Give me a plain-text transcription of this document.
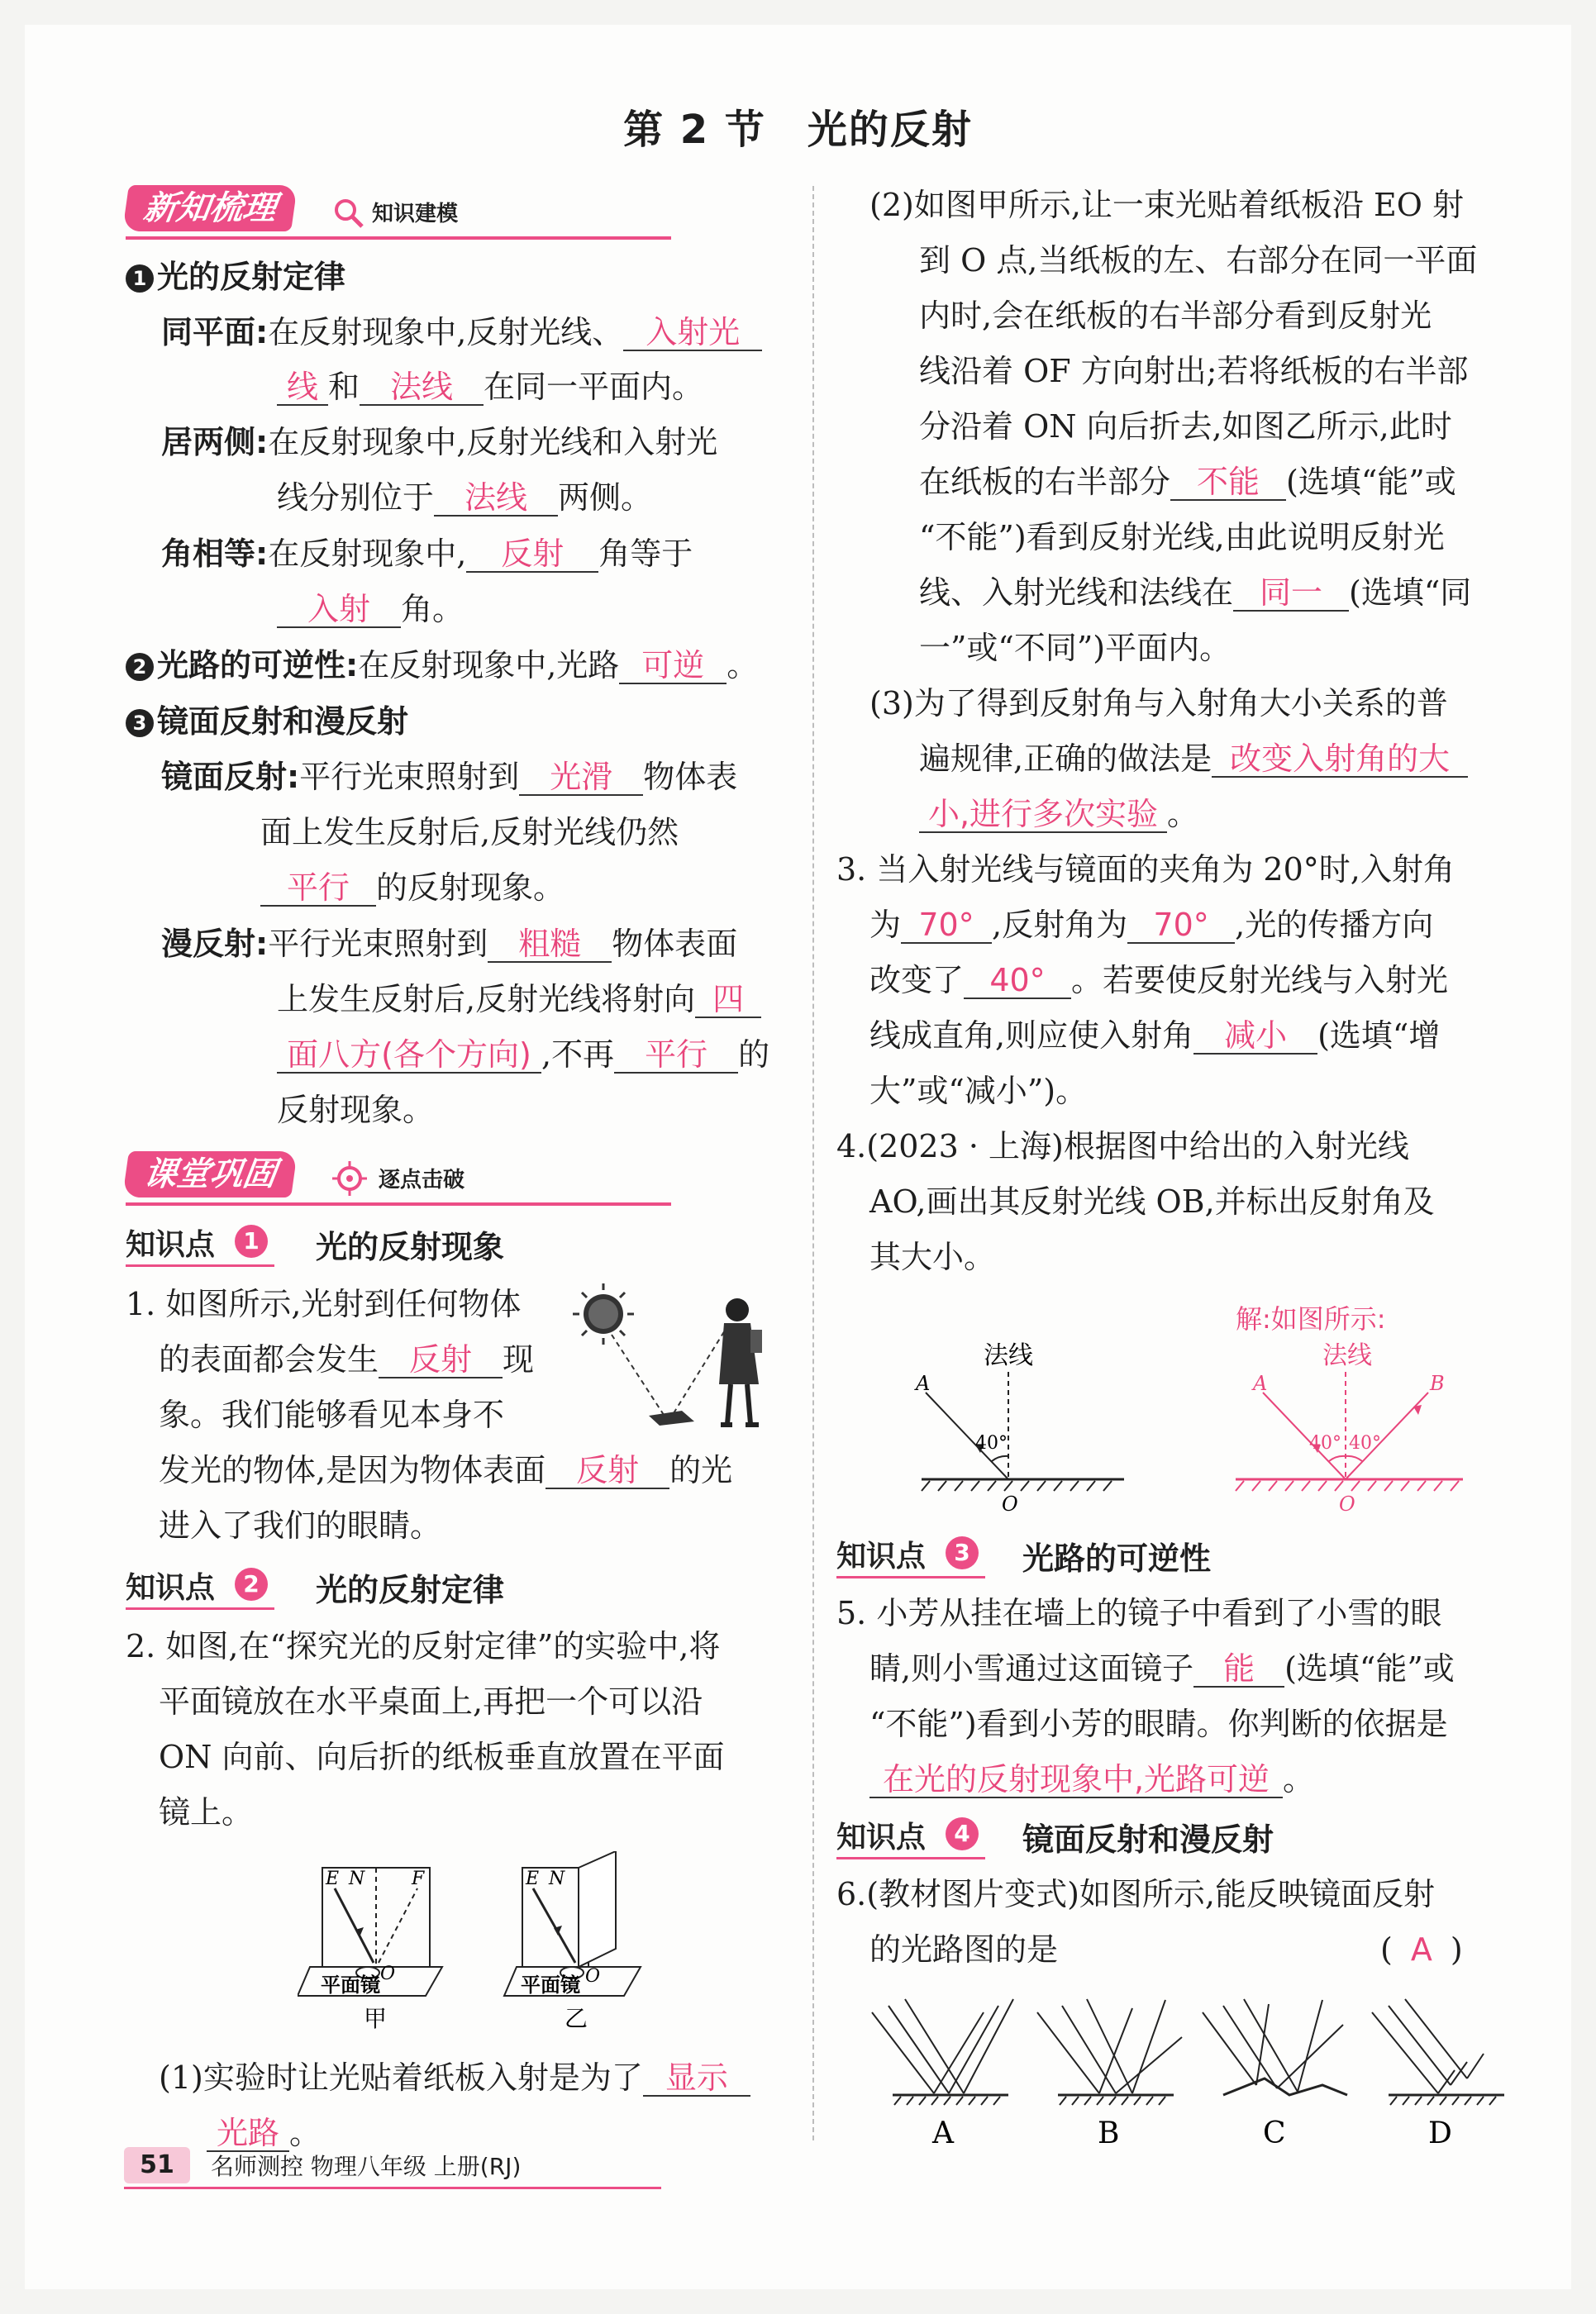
第 2 节　光的反射
新知梳理	知识建模
1 光的反射定律
同平面:在反射现象中,反射光线、 入射光
线 和 法线 在同一平面内。
居两侧:在反射现象中,反射光线和入射光
线分别位于 法线 两侧。
角相等:在反射现象中, 反射 角等于
入射 角。
2 光路的可逆性:在反射现象中,光路 可逆 。
3 镜面反射和漫反射
镜面反射:平行光束照射到 光滑 物体表
面上发生反射后,反射光线仍然
平行 的反射现象。
漫反射:平行光束照射到 粗糙 物体表面
上发生反射后,反射光线将射向 四
面八方(各个方向) ,不再 平行 的
反射现象。
课堂巩固	逐点击破
知识点	1 光的反射现象
1. 如图所示,光射到任何物体
的表面都会发生 反射 现
象。我们能够看见本身不
发光的物体,是因为物体表面 反射 的光
进入了我们的眼睛。
知识点	2 光的反射定律
2. 如图,在“探究光的反射定律”的实验中,将
平面镜放在水平桌面上,再把一个可以沿
ON 向前、向后折的纸板垂直放置在平面
镜上。
E N	F
O
平面镜
甲
E N
O
平面镜
乙
(1)实验时让光贴着纸板入射是为了 显示
光路 。
(2)如图甲所示,让一束光贴着纸板沿 EO 射
到 O 点,当纸板的左、右部分在同一平面
内时,会在纸板的右半部分看到反射光
线沿着 OF 方向射出;若将纸板的右半部
分沿着 ON 向后折去,如图乙所示,此时
在纸板的右半部分 不能 (选填“能”或
“不能”)看到反射光线,由此说明反射光
线、入射光线和法线在 同一 (选填“同
一”或“不同”)平面内。
(3)为了得到反射角与入射角大小关系的普
遍规律,正确的做法是 改变入射角的大
小,进行多次实验 。
3. 当入射光线与镜面的夹角为 20°时,入射角
为 70° ,反射角为 70° ,光的传播方向
改变了 40° 。若要使反射光线与入射光
线成直角,则应使入射角 减小 (选填“增
大”或“减小”)。
4.(2023 · 上海)根据图中给出的入射光线
AO,画出其反射光线 OB,并标出反射角及
其大小。
解:如图所示:
法线
A
40°
O
法线
A	B
40° 40°
O
知识点	3 光路的可逆性
5. 小芳从挂在墙上的镜子中看到了小雪的眼
睛,则小雪通过这面镜子 能 (选填“能”或
“不能”)看到小芳的眼睛。你判断的依据是
在光的反射现象中,光路可逆 。
知识点	4 镜面反射和漫反射
6.(教材图片变式)如图所示,能反映镜面反射
的光路图的是	( A )
A	B	C	D
51	名师测控 物理八年级 上册(RJ)
